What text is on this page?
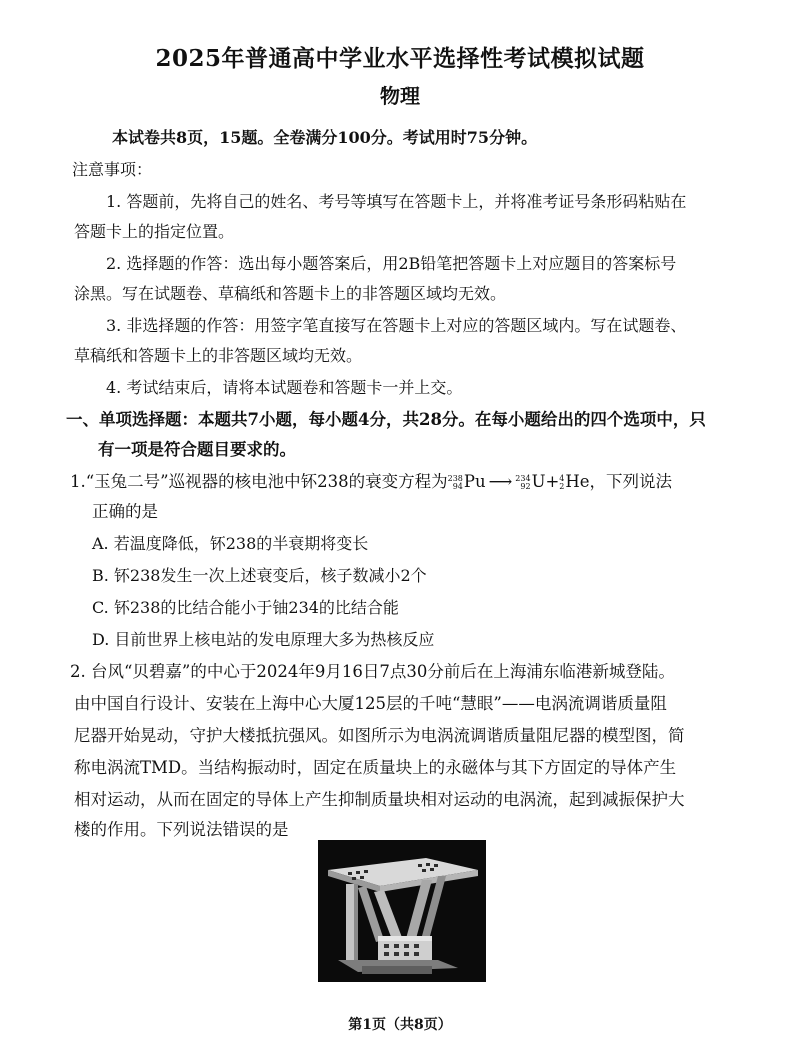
2025年普通高中学业水平选择性考试模拟试题
物理
本试卷共8页，15题。全卷满分100分。考试用时75分钟。
注意事项：
1. 答题前，先将自己的姓名、考号等填写在答题卡上，并将准考证号条形码粘贴在
答题卡上的指定位置。
2. 选择题的作答：选出每小题答案后，用2B铅笔把答题卡上对应题目的答案标号
涂黑。写在试题卷、草稿纸和答题卡上的非答题区域均无效。
3. 非选择题的作答：用签字笔直接写在答题卡上对应的答题区域内。写在试题卷、
草稿纸和答题卡上的非答题区域均无效。
4. 考试结束后，请将本试题卷和答题卡一并上交。
一、单项选择题：本题共7小题，每小题4分，共28分。在每小题给出的四个选项中，只
有一项是符合题目要求的。
1.“玉兔二号”巡视器的核电池中钚238的衰变方程为238
94Pu ⟶ 234
92U+4
2He，下列说法
正确的是
A. 若温度降低，钚238的半衰期将变长
B. 钚238发生一次上述衰变后，核子数减小2个
C. 钚238的比结合能小于铀234的比结合能
D. 目前世界上核电站的发电原理大多为热核反应
2. 台风“贝碧嘉”的中心于2024年9月16日7点30分前后在上海浦东临港新城登陆。
由中国自行设计、安装在上海中心大厦125层的千吨“慧眼”——电涡流调谐质量阻
尼器开始晃动，守护大楼抵抗强风。如图所示为电涡流调谐质量阻尼器的模型图，简
称电涡流TMD。当结构振动时，固定在质量块上的永磁体与其下方固定的导体产生
相对运动，从而在固定的导体上产生抑制质量块相对运动的电涡流，起到减振保护大
楼的作用。下列说法错误的是
第1页（共8页）
